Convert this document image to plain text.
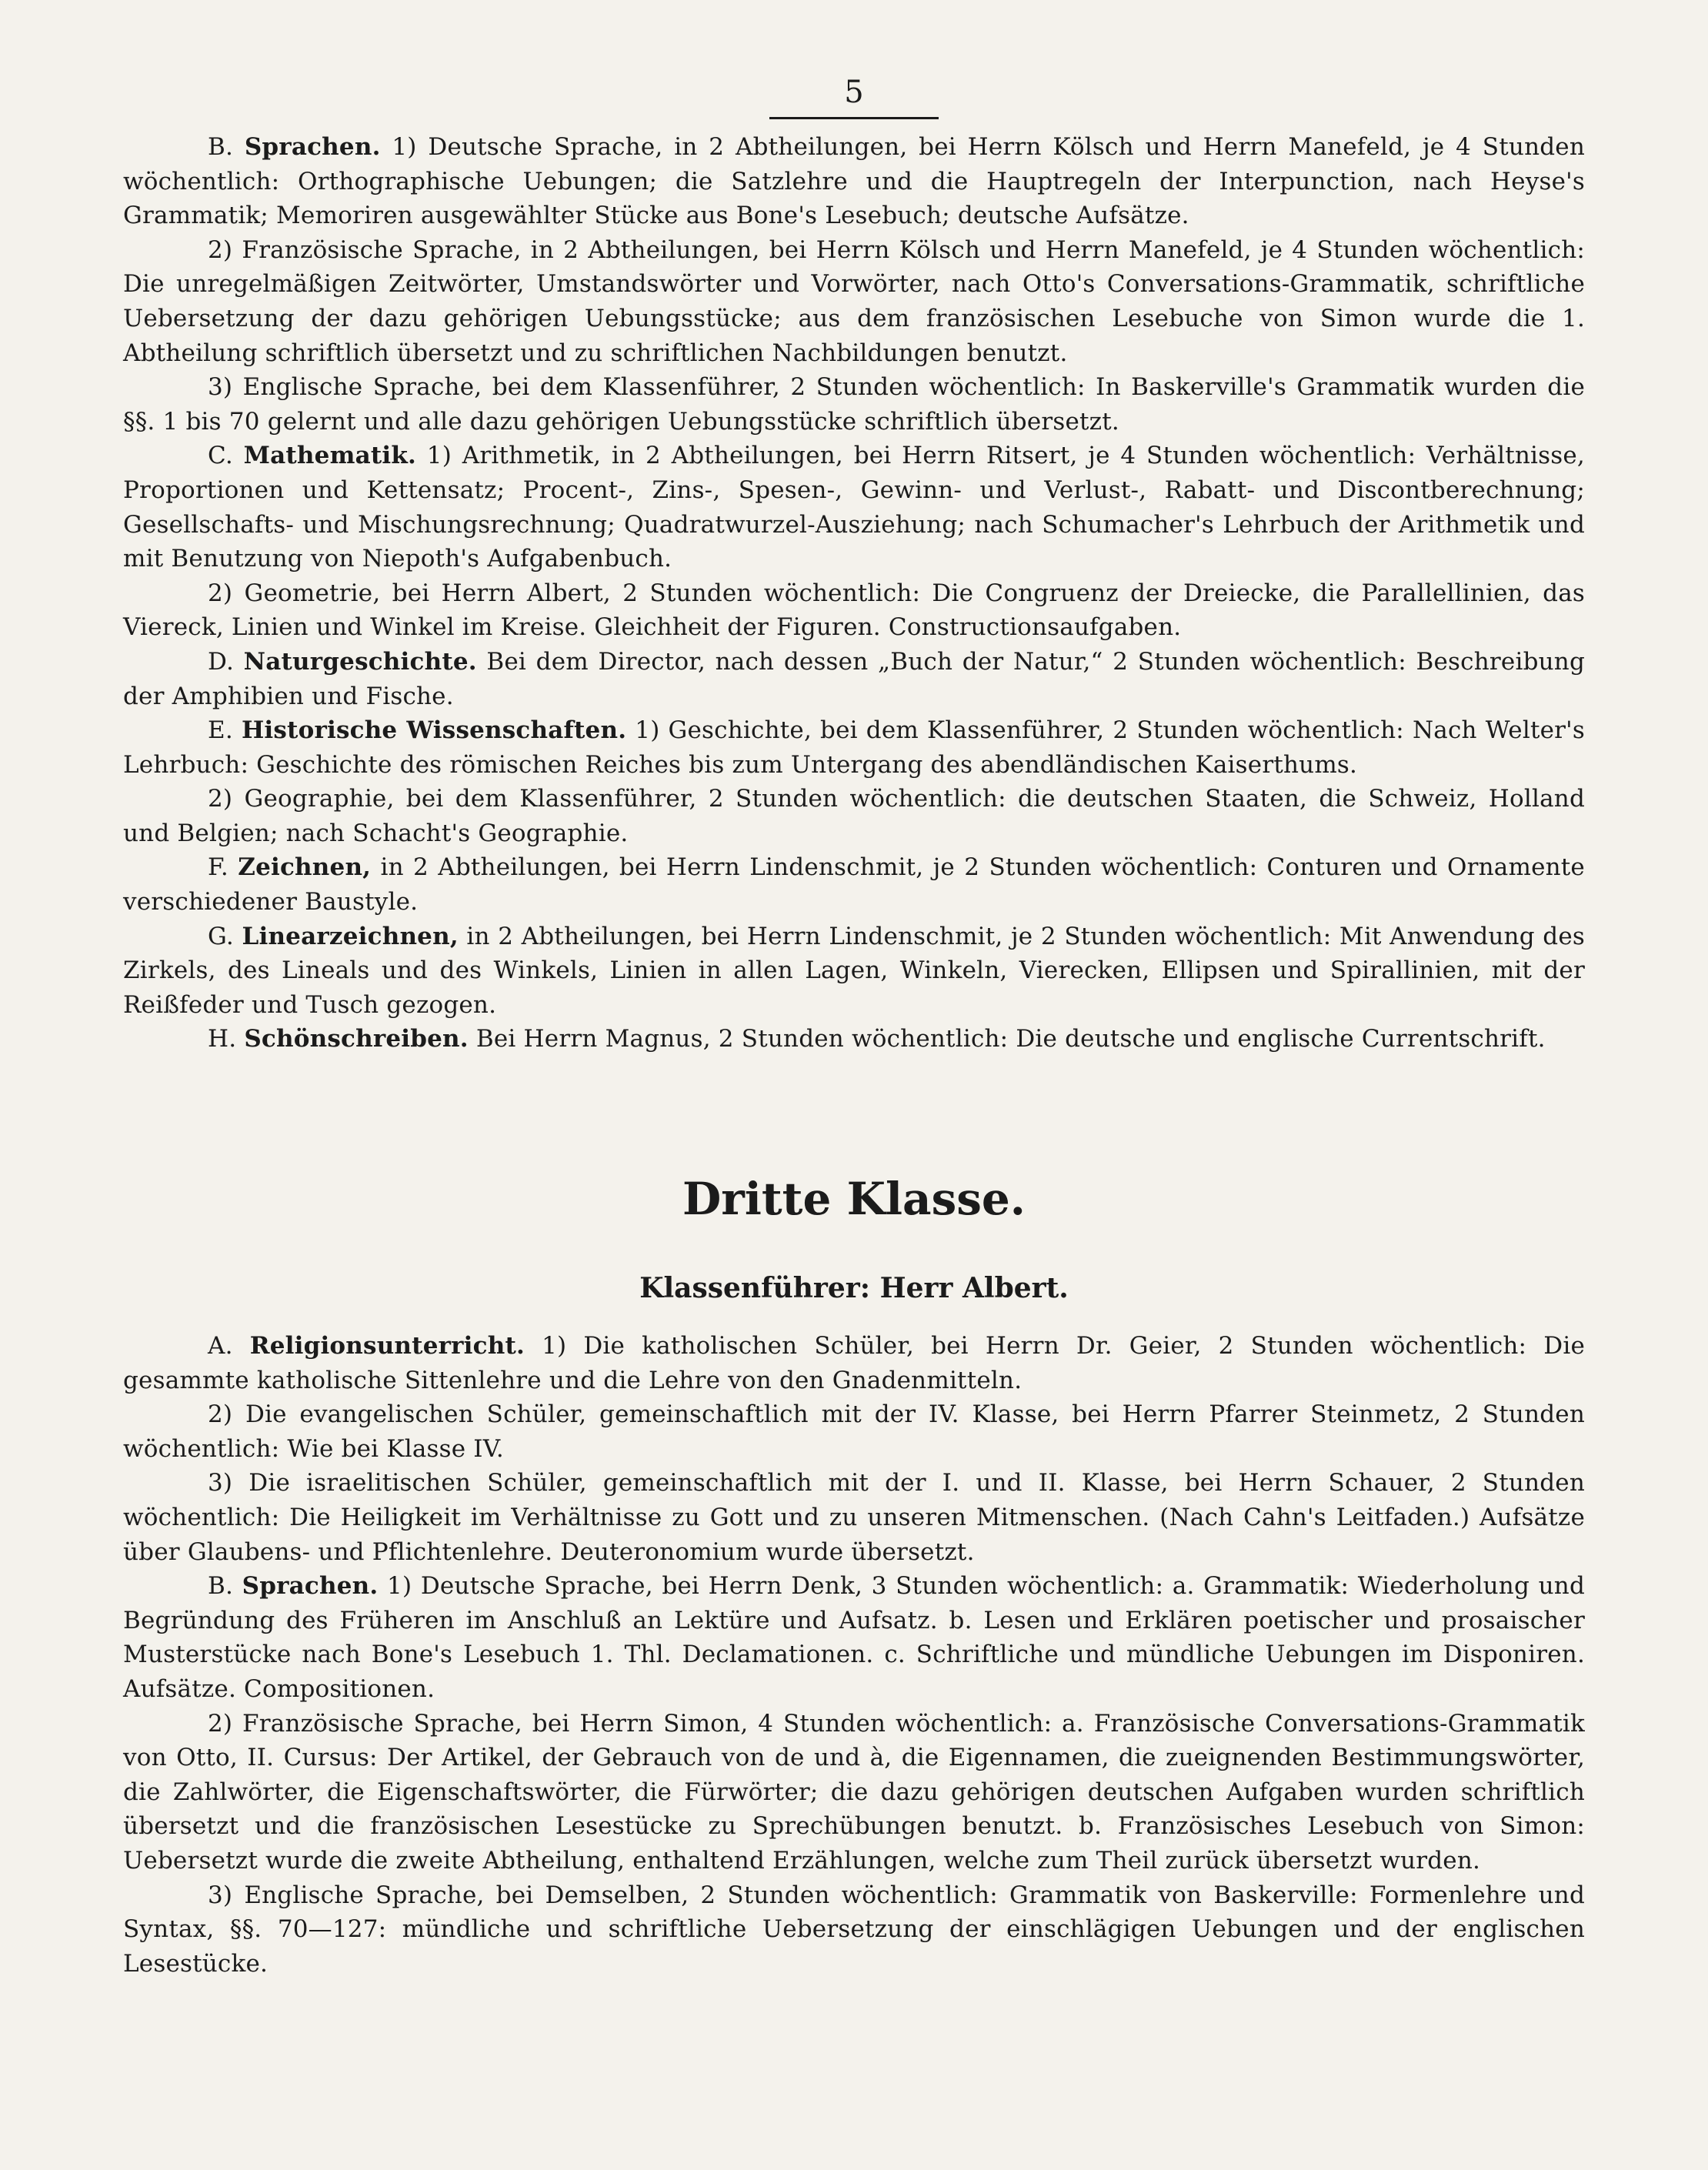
5

B. Sprachen. 1) Deutsche Sprache, in 2 Abtheilungen, bei Herrn Kölsch und Herrn Manefeld, je 4 Stunden wöchentlich: Orthographische Uebungen; die Satzlehre und die Hauptregeln der Interpunction, nach Heyse's Grammatik; Memoriren ausgewählter Stücke aus Bone's Lesebuch; deutsche Aufsätze.

2) Französische Sprache, in 2 Abtheilungen, bei Herrn Kölsch und Herrn Manefeld, je 4 Stunden wöchentlich: Die unregelmäßigen Zeitwörter, Umstandswörter und Vorwörter, nach Otto's Conversations-Grammatik, schriftliche Uebersetzung der dazu gehörigen Uebungsstücke; aus dem französischen Lesebuche von Simon wurde die 1. Abtheilung schriftlich übersetzt und zu schriftlichen Nachbildungen benutzt.

3) Englische Sprache, bei dem Klassenführer, 2 Stunden wöchentlich: In Baskerville's Grammatik wurden die §§. 1 bis 70 gelernt und alle dazu gehörigen Uebungsstücke schriftlich übersetzt.

C. Mathematik. 1) Arithmetik, in 2 Abtheilungen, bei Herrn Ritsert, je 4 Stunden wöchentlich: Verhältnisse, Proportionen und Kettensatz; Procent-, Zins-, Spesen-, Gewinn- und Verlust-, Rabatt- und Discontberechnung; Gesellschafts- und Mischungsrechnung; Quadratwurzel-Ausziehung; nach Schumacher's Lehrbuch der Arithmetik und mit Benutzung von Niepoth's Aufgabenbuch.

2) Geometrie, bei Herrn Albert, 2 Stunden wöchentlich: Die Congruenz der Dreiecke, die Parallellinien, das Viereck, Linien und Winkel im Kreise. Gleichheit der Figuren. Constructionsaufgaben.

D. Naturgeschichte. Bei dem Director, nach dessen „Buch der Natur,“ 2 Stunden wöchentlich: Beschreibung der Amphibien und Fische.

E. Historische Wissenschaften. 1) Geschichte, bei dem Klassenführer, 2 Stunden wöchentlich: Nach Welter's Lehrbuch: Geschichte des römischen Reiches bis zum Untergang des abendländischen Kaiserthums.

2) Geographie, bei dem Klassenführer, 2 Stunden wöchentlich: die deutschen Staaten, die Schweiz, Holland und Belgien; nach Schacht's Geographie.

F. Zeichnen, in 2 Abtheilungen, bei Herrn Lindenschmit, je 2 Stunden wöchentlich: Conturen und Ornamente verschiedener Baustyle.

G. Linearzeichnen, in 2 Abtheilungen, bei Herrn Lindenschmit, je 2 Stunden wöchentlich: Mit Anwendung des Zirkels, des Lineals und des Winkels, Linien in allen Lagen, Winkeln, Vierecken, Ellipsen und Spirallinien, mit der Reißfeder und Tusch gezogen.

H. Schönschreiben. Bei Herrn Magnus, 2 Stunden wöchentlich: Die deutsche und englische Currentschrift.

Dritte Klasse.
Klassenführer: Herr Albert.

A. Religionsunterricht. 1) Die katholischen Schüler, bei Herrn Dr. Geier, 2 Stunden wöchentlich: Die gesammte katholische Sittenlehre und die Lehre von den Gnadenmitteln.

2) Die evangelischen Schüler, gemeinschaftlich mit der IV. Klasse, bei Herrn Pfarrer Steinmetz, 2 Stunden wöchentlich: Wie bei Klasse IV.

3) Die israelitischen Schüler, gemeinschaftlich mit der I. und II. Klasse, bei Herrn Schauer, 2 Stunden wöchentlich: Die Heiligkeit im Verhältnisse zu Gott und zu unseren Mitmenschen. (Nach Cahn's Leitfaden.) Aufsätze über Glaubens- und Pflichtenlehre. Deuteronomium wurde übersetzt.

B. Sprachen. 1) Deutsche Sprache, bei Herrn Denk, 3 Stunden wöchentlich: a. Grammatik: Wiederholung und Begründung des Früheren im Anschluß an Lektüre und Aufsatz. b. Lesen und Erklären poetischer und prosaischer Musterstücke nach Bone's Lesebuch 1. Thl. Declamationen. c. Schriftliche und mündliche Uebungen im Disponiren. Aufsätze. Compositionen.

2) Französische Sprache, bei Herrn Simon, 4 Stunden wöchentlich: a. Französische Conversations-Grammatik von Otto, II. Cursus: Der Artikel, der Gebrauch von de und à, die Eigennamen, die zueignenden Bestimmungswörter, die Zahlwörter, die Eigenschaftswörter, die Fürwörter; die dazu gehörigen deutschen Aufgaben wurden schriftlich übersetzt und die französischen Lesestücke zu Sprechübungen benutzt. b. Französisches Lesebuch von Simon: Uebersetzt wurde die zweite Abtheilung, enthaltend Erzählungen, welche zum Theil zurück übersetzt wurden.

3) Englische Sprache, bei Demselben, 2 Stunden wöchentlich: Grammatik von Baskerville: Formenlehre und Syntax, §§. 70—127: mündliche und schriftliche Uebersetzung der einschlägigen Uebungen und der englischen Lesestücke.
